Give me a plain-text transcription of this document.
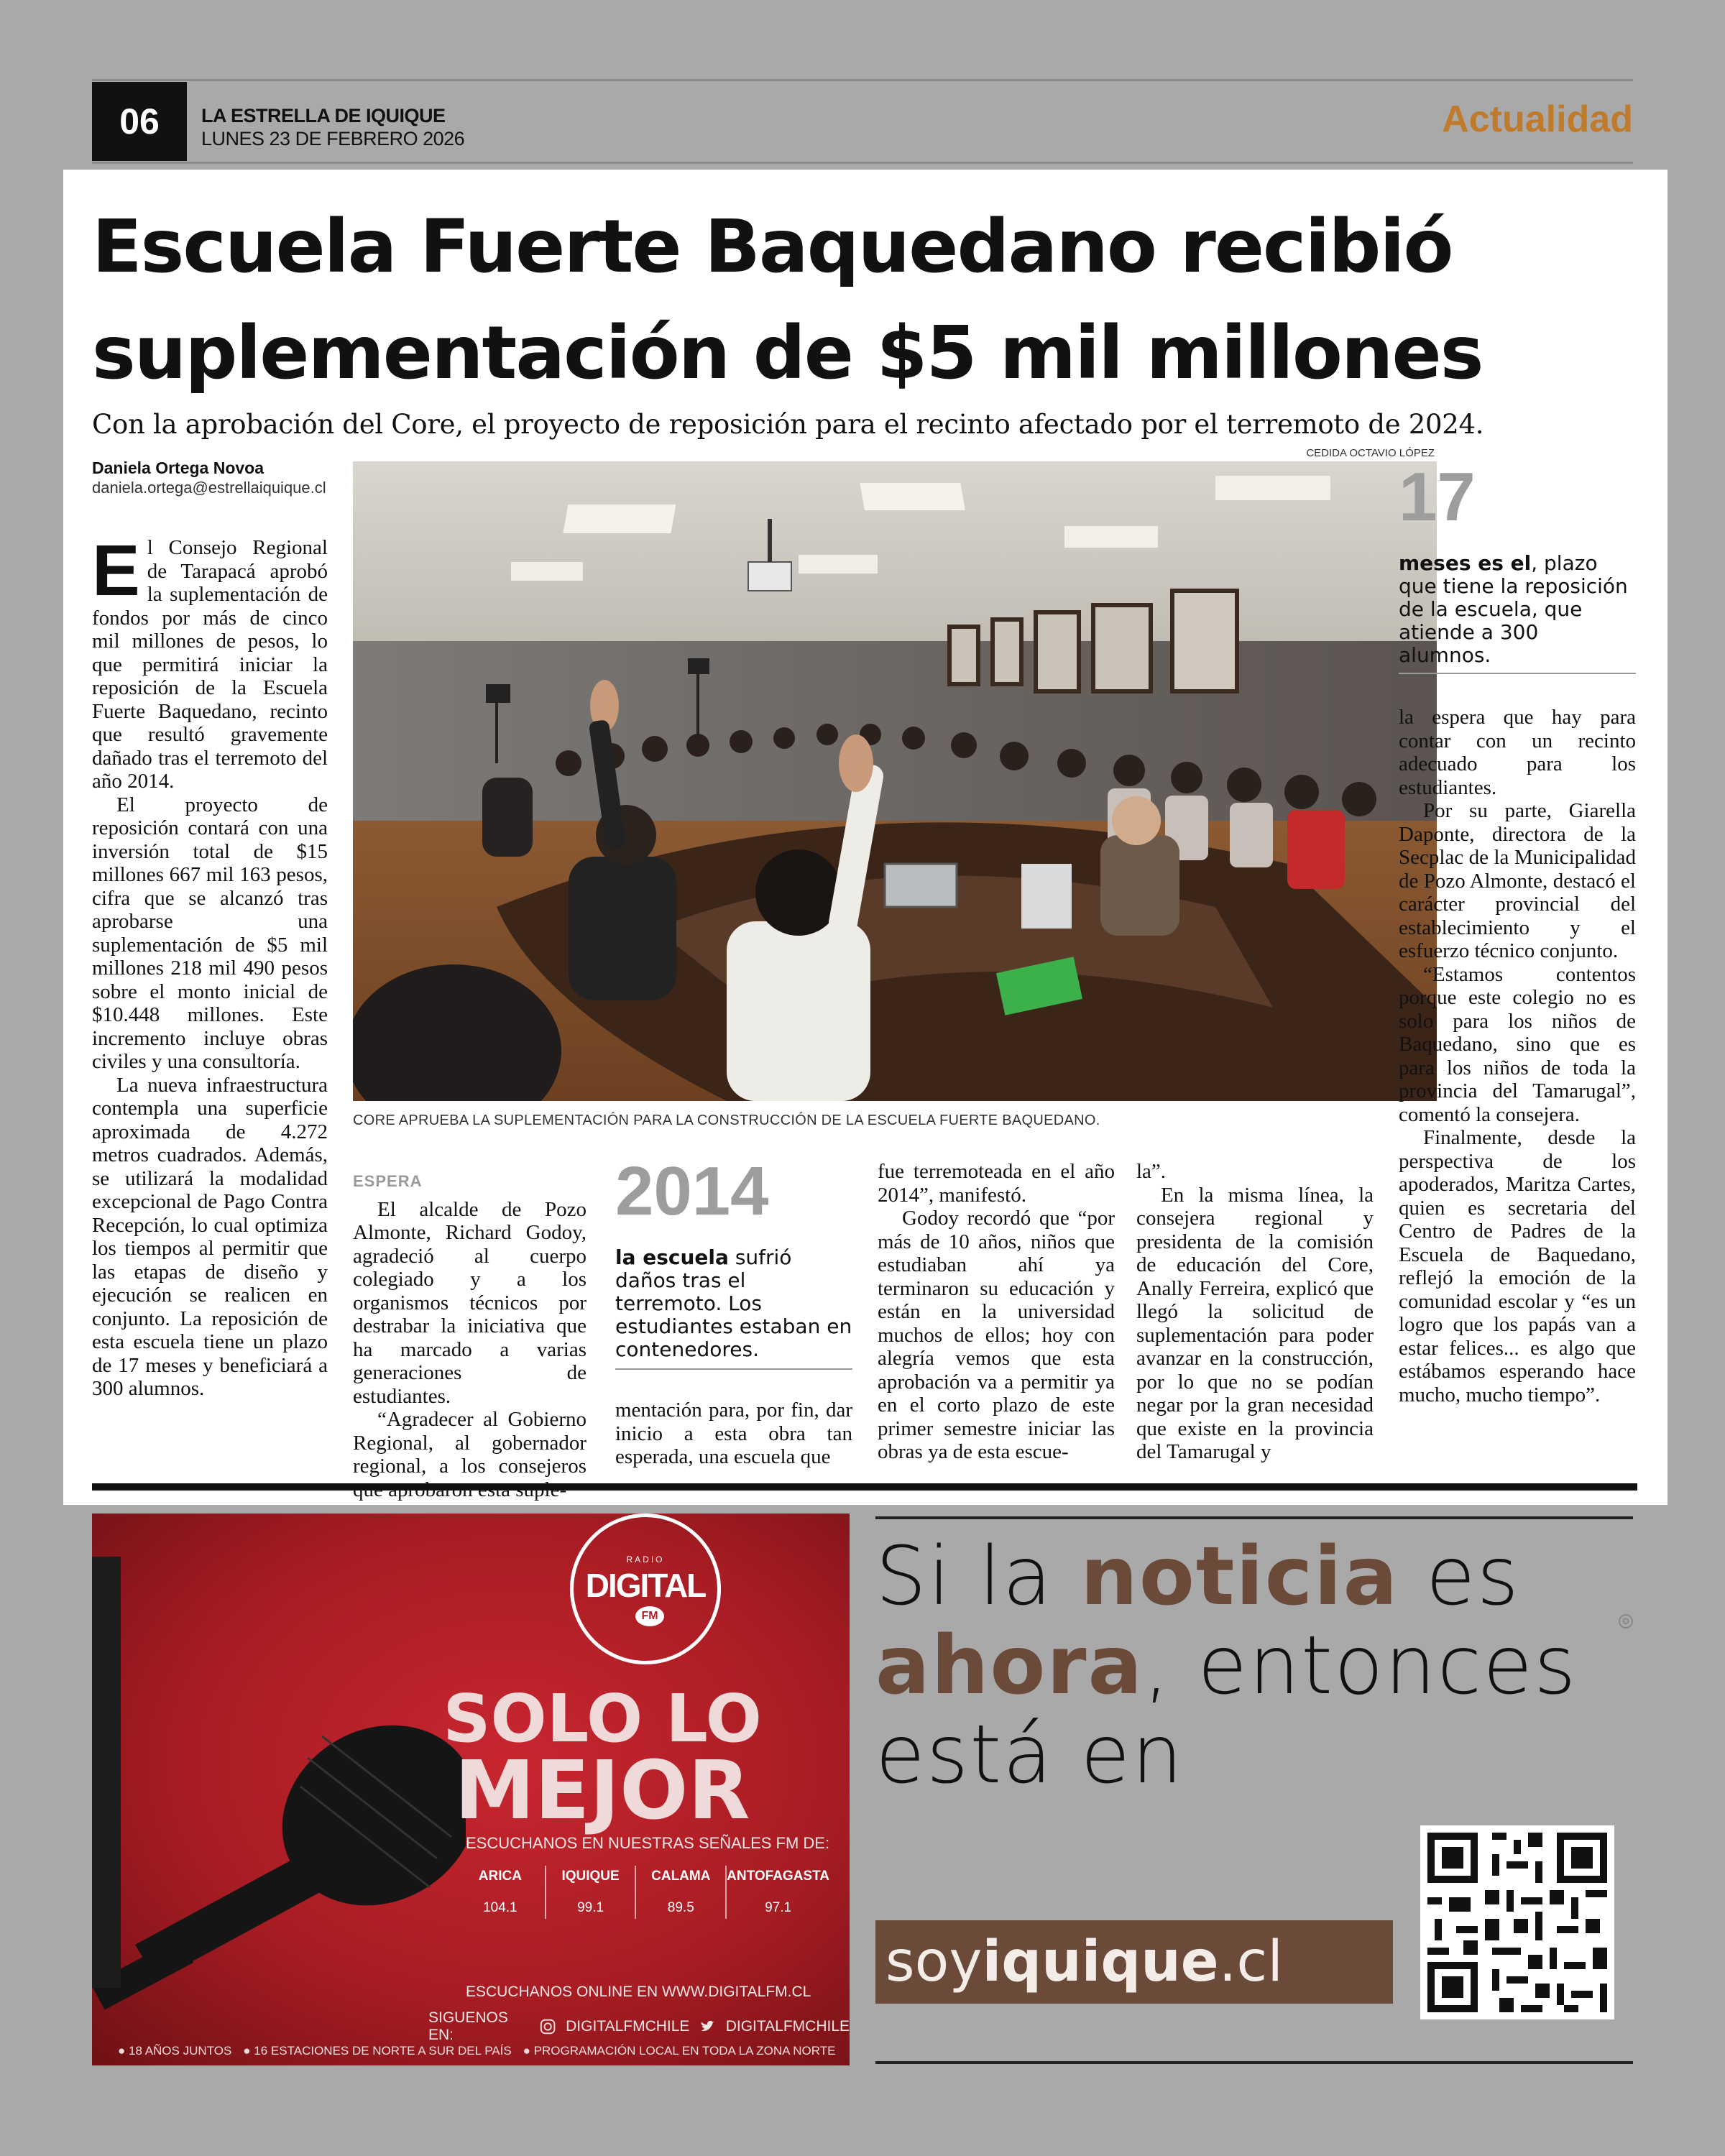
06	LA ESTRELLA DE IQUIQUE
LUNES 23 DE FEBRERO 2026	Actualidad
Escuela Fuerte Baquedano recibió
suplementación de $5 mil millones
Con la aprobación del Core, el proyecto de reposición para el recinto afectado por el terremoto de 2024.
CEDIDA OCTAVIO LÓPEZ
Daniela Ortega Novoa
daniela.ortega@estrellaiquique.cl
CORE APRUEBA LA SUPLEMENTACIÓN PARA LA CONSTRUCCIÓN DE LA ESCUELA FUERTE BAQUEDANO.

El Consejo Regional de Tarapacá aprobó la suplementación de fondos por más de cinco mil millones de pesos, lo que permitirá iniciar la reposición de la Escuela Fuerte Baquedano, recinto que resultó gravemente dañado tras el terremoto del año 2014.

El proyecto de reposición contará con una inversión total de $15 millones 667 mil 163 pesos, cifra que se alcanzó tras aprobarse una suplementación de $5 mil millones 218 mil 490 pesos sobre el monto inicial de $10.448 millones. Este incremento incluye obras civiles y una consultoría.

La nueva infraestructura contempla una superficie aproximada de 4.272 metros cuadrados. Además, se utilizará la modalidad excepcional de Pago Contra Recepción, lo cual optimiza los tiempos al permitir que las etapas de diseño y ejecución se realicen en conjunto. La reposición de esta escuela tiene un plazo de 17 meses y beneficiará a 300 alumnos.

ESPERA

El alcalde de Pozo Almonte, Richard Godoy, agradeció al cuerpo colegiado y a los organismos técnicos por destrabar la iniciativa que ha marcado a varias generaciones de estudiantes.

“Agradecer al Gobierno Regional, al gobernador regional, a los consejeros

2014
la escuela sufrió daños tras el terremoto. Los estudiantes estaban en contenedores.

mentación para, por fin, dar inicio a esta obra tan esperada, una escuela que

fue terremoteada en el año 2014”, manifestó.

Godoy recordó que “por más de 10 años, niños que estudiaban ahí ya terminaron su educación y están en la universidad muchos de ellos; hoy con alegría vemos que esta aprobación va a permitir ya en el corto plazo de este primer semestre iniciar las obras ya de esta escue-

la”.

En la misma línea, la consejera regional y presidenta de la comisión de educación del Core, Anally Ferreira, explicó que llegó la solicitud de suplementación para poder avanzar en la construcción, por lo que no se podían negar por la gran necesidad que existe en la provincia del Tamarugal y

17
meses es el, plazo que tiene la reposición de la escuela, que atiende a 300 alumnos.

la espera que hay para contar con un recinto adecuado para los estudiantes.

Por su parte, Giarella Daponte, directora de la Secplac de la Municipalidad de Pozo Almonte, destacó el carácter provincial del establecimiento y el esfuerzo técnico conjunto.

“Estamos contentos porque este colegio no es solo para los niños de Baquedano, sino que es para los niños de toda la provincia del Tamarugal”, comentó la consejera.

Finalmente, desde la perspectiva de los apoderados, Maritza Cartes, quien es secretaria del Centro de Padres de la Escuela de Baquedano, reflejó la emoción de la comunidad escolar y “es un logro que los papás van a estar felices... es algo que estábamos esperando hace mucho, mucho tiempo”.

✪
RADIO
DIGITAL
FM
SOLO LO
MEJOR
ESCUCHANOS EN NUESTRAS SEÑALES FM DE:
ARICA
104.1
IQUIQUE
99.1
CALAMA
89.5
ANTOFAGASTA
97.1
ESCUCHANOS ONLINE EN WWW.DIGITALFM.CL
SIGUENOS EN:
DIGITALFMCHILE DIGITALFMCHILE
● 18 AÑOS JUNTOS ● 16 ESTACIONES DE NORTE A SUR DEL PAÍS ● PROGRAMACIÓN LOCAL EN TODA LA ZONA NORTE
Si la noticia es
ahora, entonces
está en
soyiquique.cl
